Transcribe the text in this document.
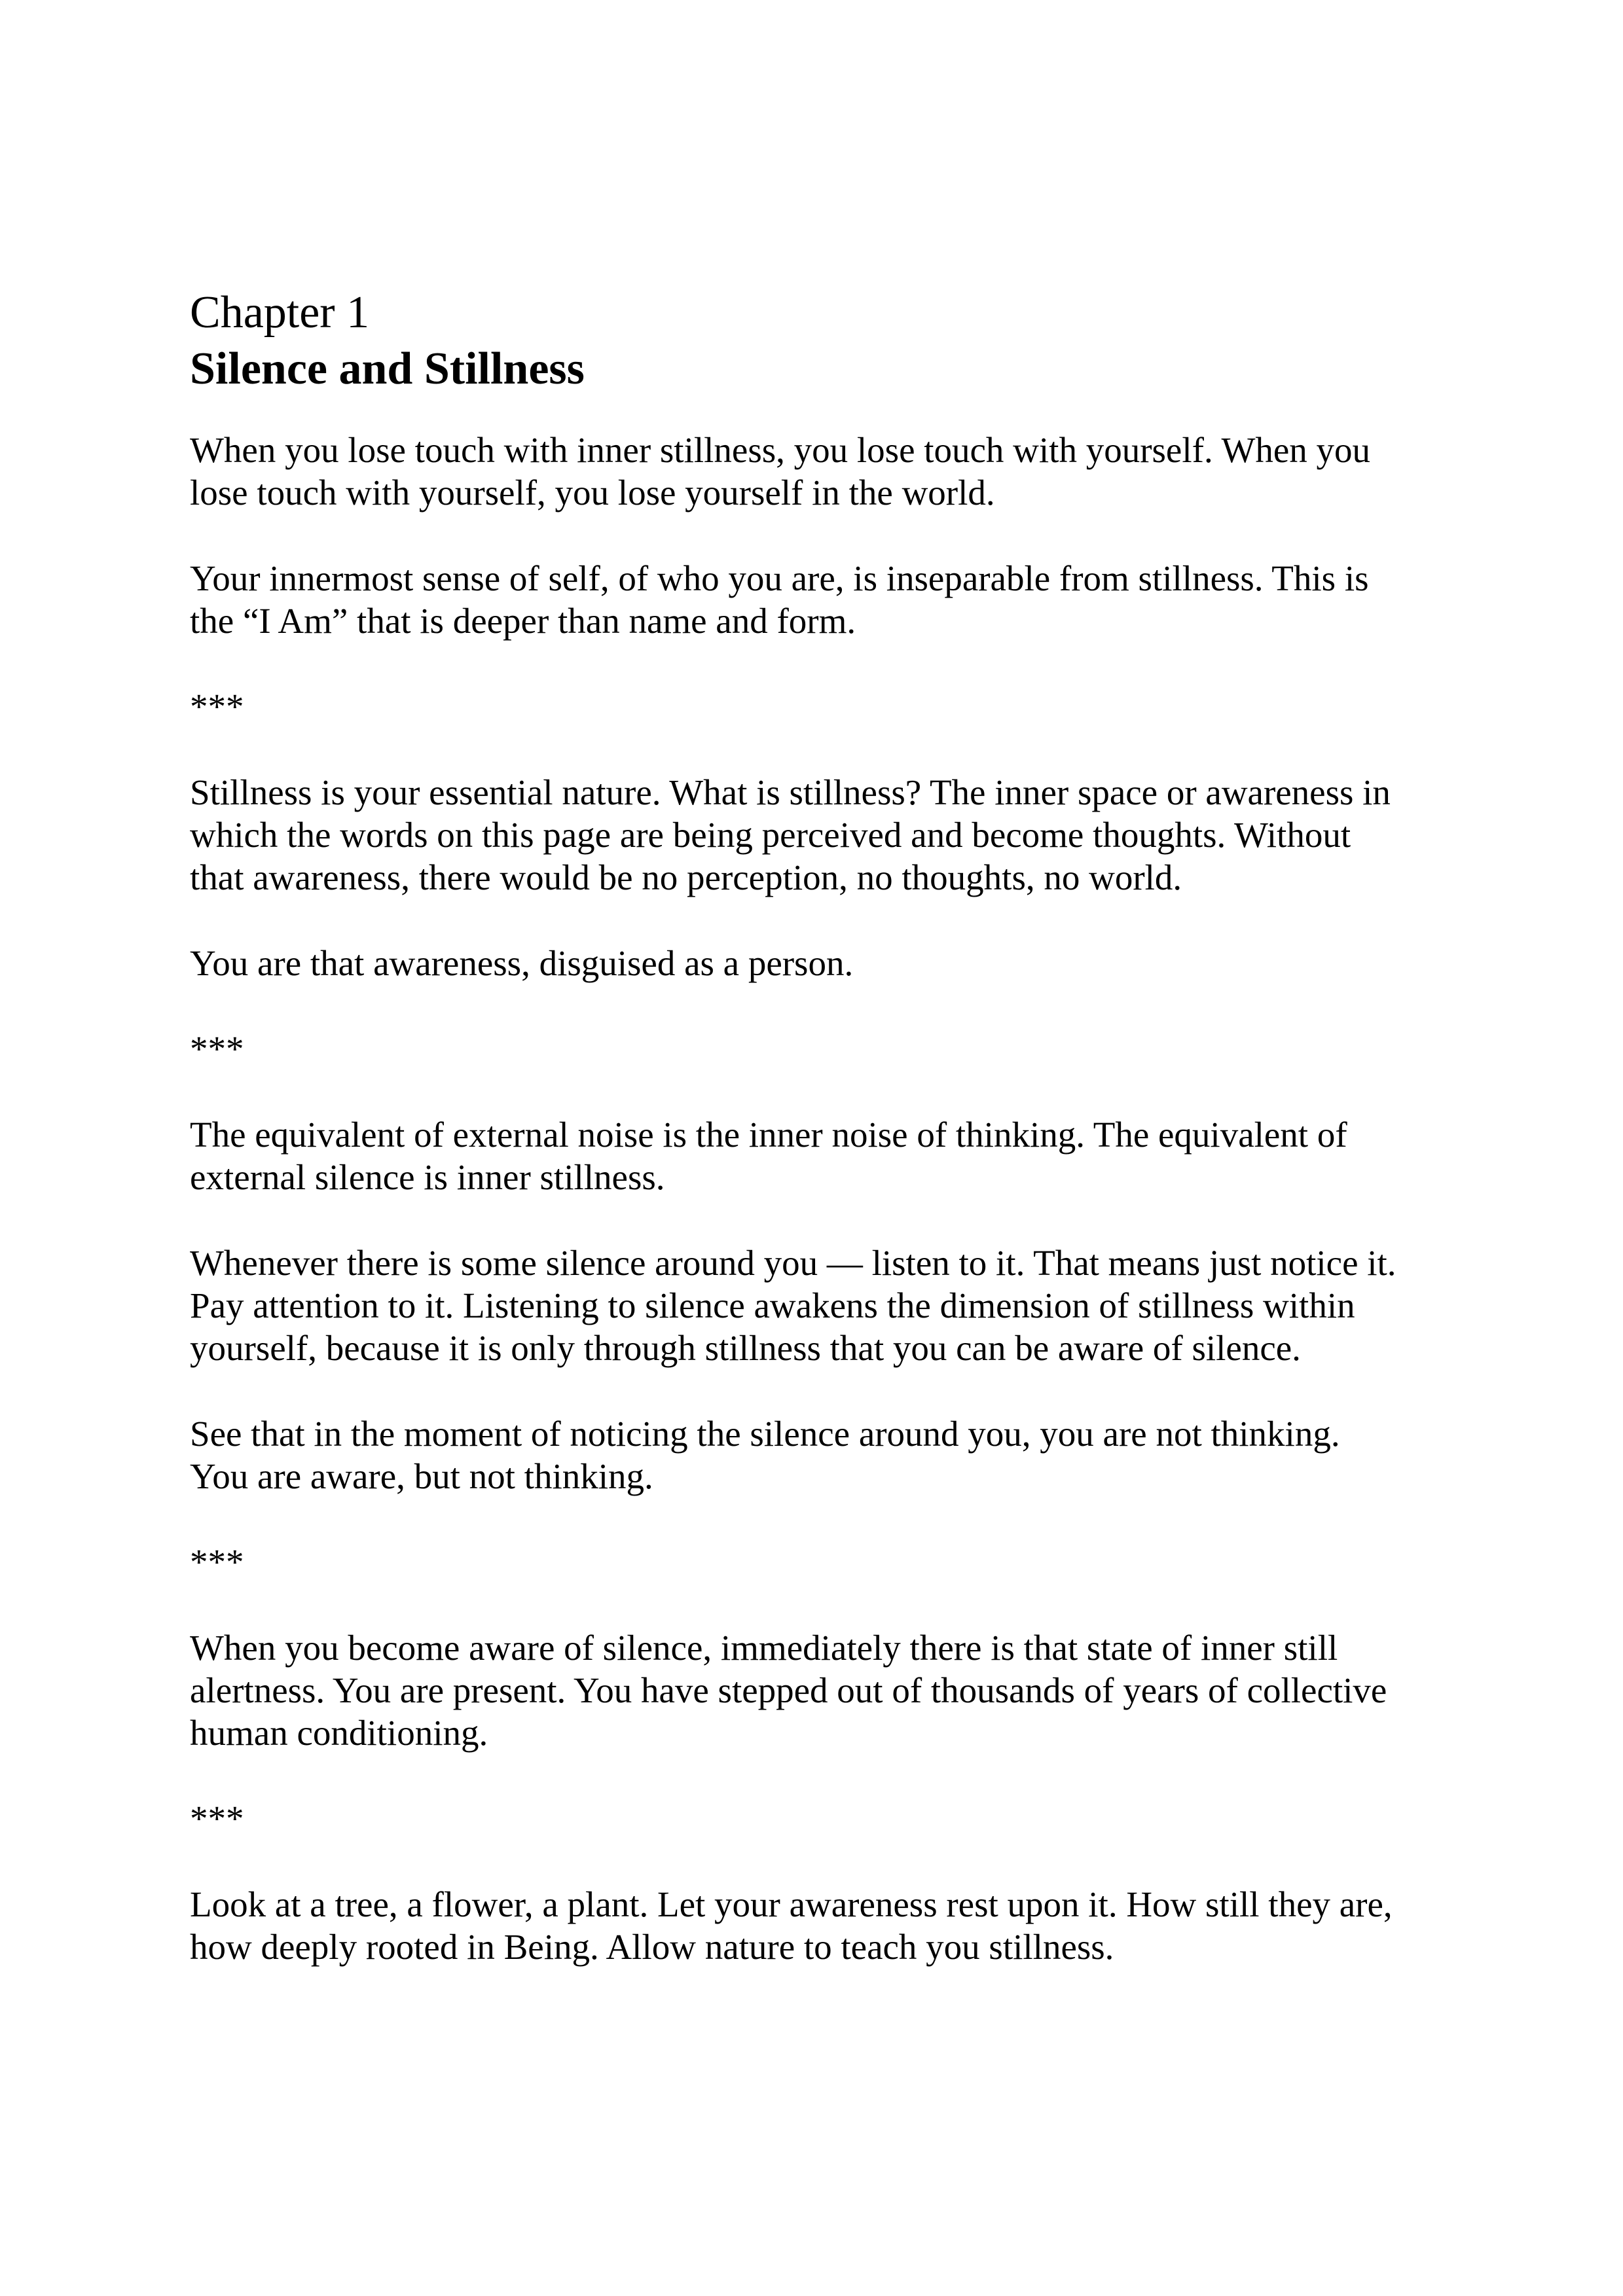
Chapter 1
Silence and Stillness
When you lose touch with inner stillness, you lose touch with yourself. When you
lose touch with yourself, you lose yourself in the world.
Your innermost sense of self, of who you are, is inseparable from stillness. This is
the “I Am” that is deeper than name and form.
***
Stillness is your essential nature. What is stillness? The inner space or awareness in
which the words on this page are being perceived and become thoughts. Without
that awareness, there would be no perception, no thoughts, no world.
You are that awareness, disguised as a person.
***
The equivalent of external noise is the inner noise of thinking. The equivalent of
external silence is inner stillness.
Whenever there is some silence around you — listen to it. That means just notice it.
Pay attention to it. Listening to silence awakens the dimension of stillness within
yourself, because it is only through stillness that you can be aware of silence.
See that in the moment of noticing the silence around you, you are not thinking.
You are aware, but not thinking.
***
When you become aware of silence, immediately there is that state of inner still
alertness. You are present. You have stepped out of thousands of years of collective
human conditioning.
***
Look at a tree, a flower, a plant. Let your awareness rest upon it. How still they are,
how deeply rooted in Being. Allow nature to teach you stillness.
